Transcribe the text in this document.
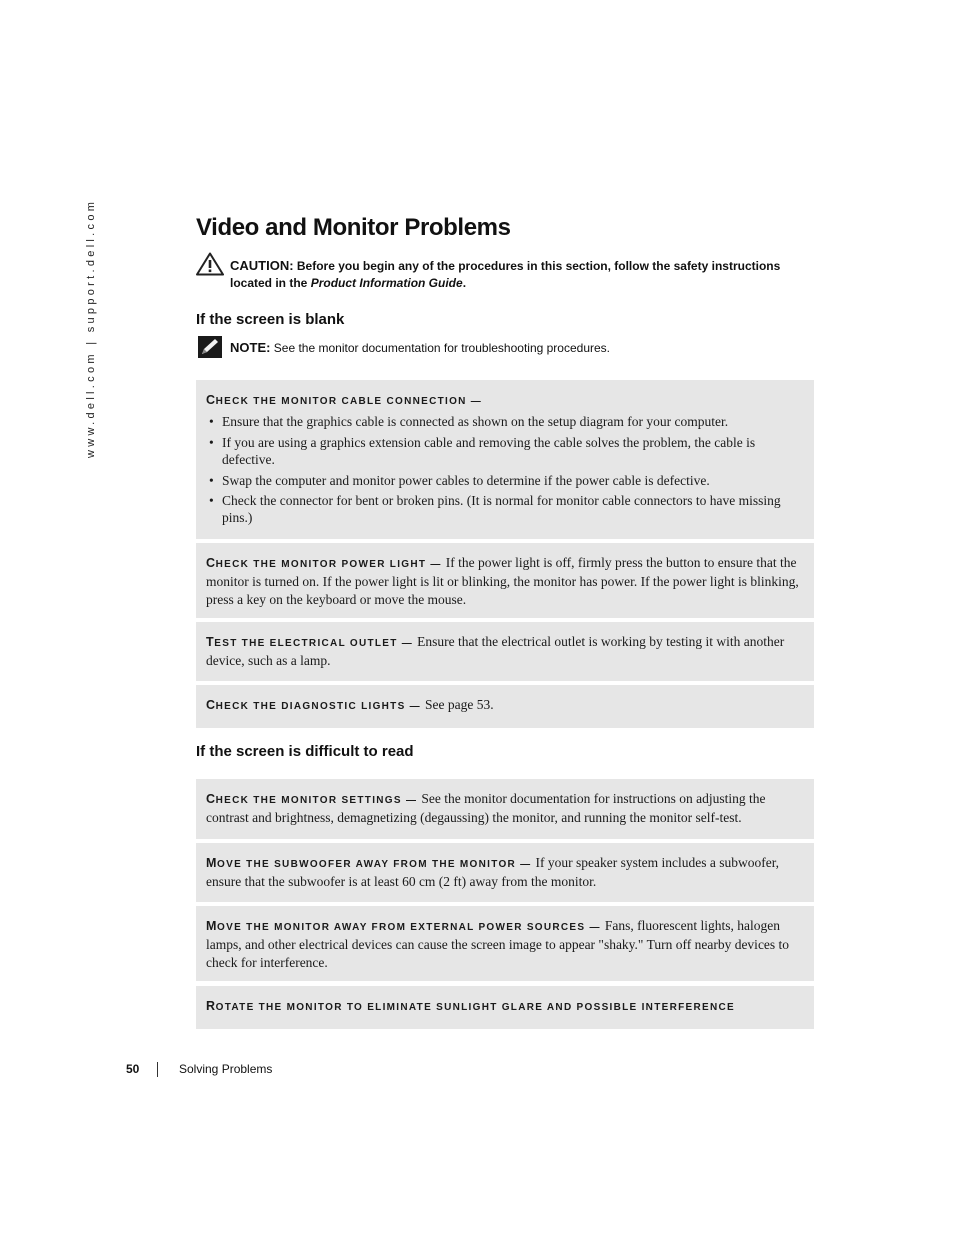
www.dell.com | support.dell.com	Video and Monitor Problems
CAUTION: Before you begin any of the procedures in this section, follow the safety instructions located in the Product Information Guide.
If the screen is blank
NOTE: See the monitor documentation for troubleshooting procedures.
CHECK THE MONITOR CABLE CONNECTION —
• Ensure that the graphics cable is connected as shown on the setup diagram for your computer.
• If you are using a graphics extension cable and removing the cable solves the problem, the cable is defective.
• Swap the computer and monitor power cables to determine if the power cable is defective.
• Check the connector for bent or broken pins. (It is normal for monitor cable connectors to have missing pins.)
CHECK THE MONITOR POWER LIGHT — If the power light is off, firmly press the button to ensure that the monitor is turned on. If the power light is lit or blinking, the monitor has power. If the power light is blinking, press a key on the keyboard or move the mouse.
TEST THE ELECTRICAL OUTLET — Ensure that the electrical outlet is working by testing it with another device, such as a lamp.
CHECK THE DIAGNOSTIC LIGHTS — See page 53.
If the screen is difficult to read
CHECK THE MONITOR SETTINGS — See the monitor documentation for instructions on adjusting the contrast and brightness, demagnetizing (degaussing) the monitor, and running the monitor self-test.
MOVE THE SUBWOOFER AWAY FROM THE MONITOR — If your speaker system includes a subwoofer, ensure that the subwoofer is at least 60 cm (2 ft) away from the monitor.
MOVE THE MONITOR AWAY FROM EXTERNAL POWER SOURCES — Fans, fluorescent lights, halogen lamps, and other electrical devices can cause the screen image to appear "shaky." Turn off nearby devices to check for interference.
ROTATE THE MONITOR TO ELIMINATE SUNLIGHT GLARE AND POSSIBLE INTERFERENCE
50	Solving Problems
